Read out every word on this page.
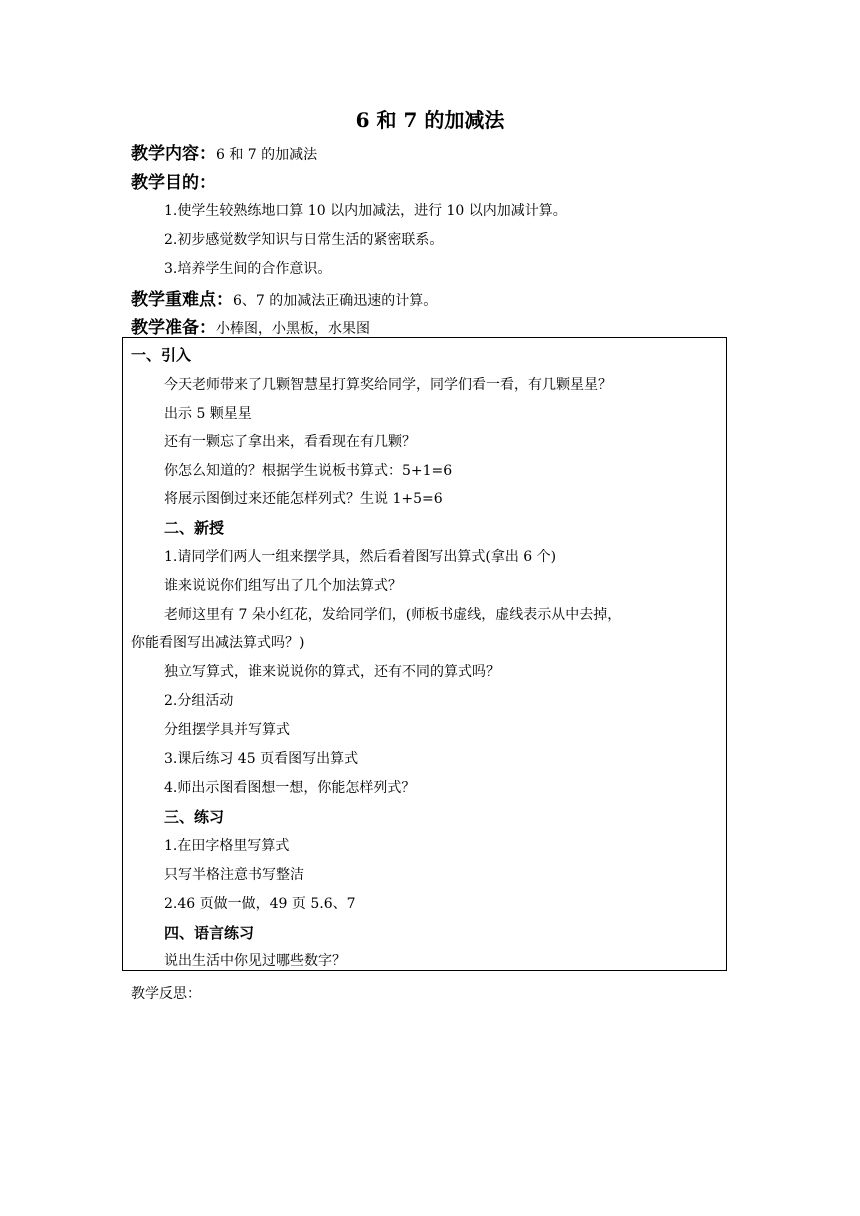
6 和 7 的加减法
教学内容：6 和 7 的加减法
教学目的：
1.使学生较熟练地口算 10 以内加减法，进行 10 以内加减计算。
2.初步感觉数学知识与日常生活的紧密联系。
3.培养学生间的合作意识。
教学重难点：6、7 的加减法正确迅速的计算。
教学准备：小棒图，小黑板，水果图
一、引入
今天老师带来了几颗智慧星打算奖给同学，同学们看一看，有几颗星星？
出示 5 颗星星
还有一颗忘了拿出来，看看现在有几颗？
你怎么知道的？根据学生说板书算式：5+1=6
将展示图倒过来还能怎样列式？生说 1+5=6
二、新授
1.请同学们两人一组来摆学具，然后看着图写出算式(拿出 6 个)
谁来说说你们组写出了几个加法算式？
老师这里有 7 朵小红花，发给同学们，(师板书虚线，虚线表示从中去掉，
你能看图写出减法算式吗？)
独立写算式，谁来说说你的算式，还有不同的算式吗？
2.分组活动
分组摆学具并写算式
3.课后练习 45 页看图写出算式
4.师出示图看图想一想，你能怎样列式？
三、练习
1.在田字格里写算式
只写半格注意书写整洁
2.46 页做一做，49 页 5.6、7
四、语言练习
说出生活中你见过哪些数字？
教学反思：
